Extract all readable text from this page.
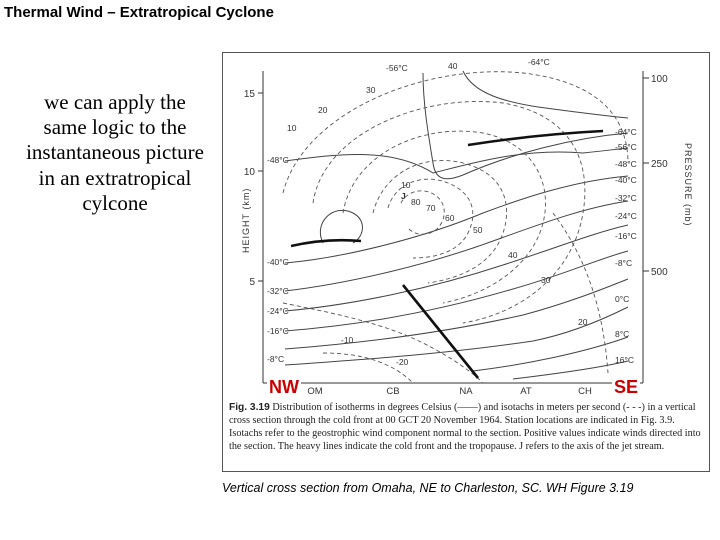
Thermal Wind – Extratropical Cyclone
we can apply the same logic to the instantaneous picture in an extratropical cylcone
15
10
5
HEIGHT (km)
100
250
500
PRESSURE (mb)
OM	CB	NA	AT	CH
-48°C
-40°C
-32°C
-24°C
-16°C
-8°C
-64°C
-56°C
-48°C
-40°C
-32°C
-24°C
-16°C
-8°C
0°C
8°C
16°C
-56°C
-64°C
40
30
20
10
10
80
70
60
50
40
30
20
-10
-20
J
NW	SE
Fig. 3.19 Distribution of isotherms in degrees Celsius (——) and isotachs in meters per second (- - -) in a vertical cross section through the cold front at 00 GCT 20 November 1964. Station locations are indicated in Fig. 3.9. Isotachs refer to the geostrophic wind component normal to the section. Positive values indicate winds directed into the section. The heavy lines indicate the cold front and the tropopause. J refers to the axis of the jet stream.
Vertical cross section from Omaha, NE to Charleston, SC. WH Figure 3.19
